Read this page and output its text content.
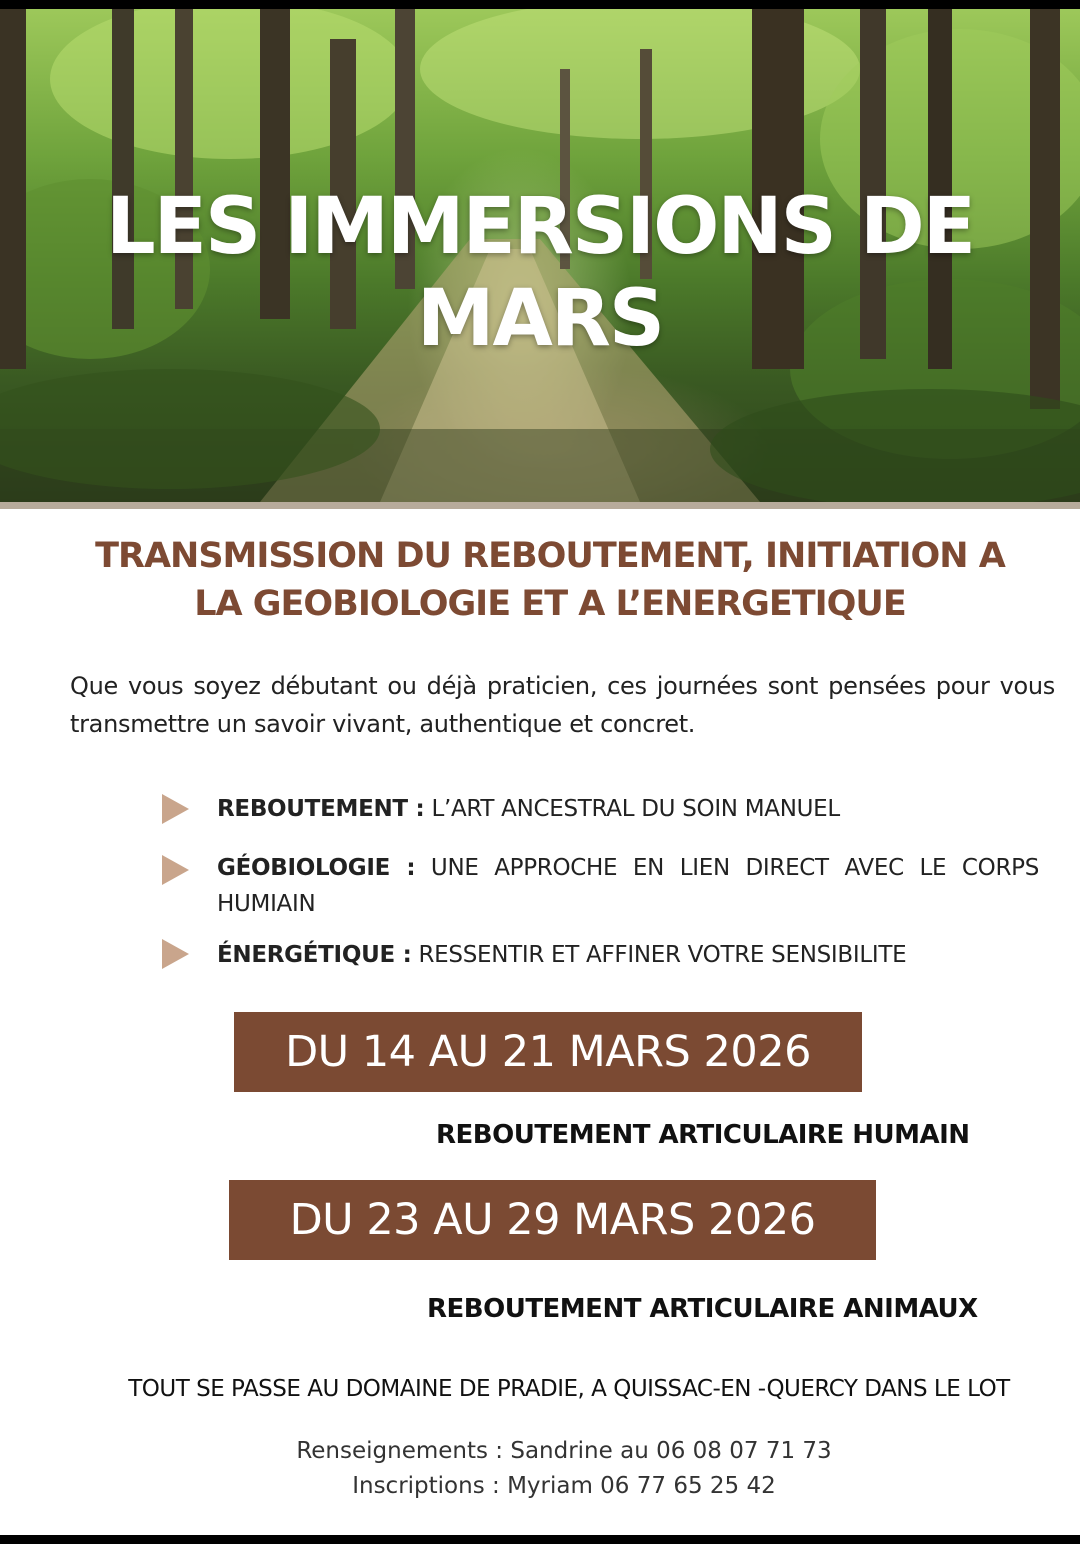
LES IMMERSIONS DE
MARS
TRANSMISSION DU REBOUTEMENT, INITIATION A
LA GEOBIOLOGIE ET A L’ENERGETIQUE
Que vous soyez débutant ou déjà praticien, ces journées sont pensées pour vous transmettre un savoir vivant, authentique et concret.
REBOUTEMENT : L’ART ANCESTRAL DU SOIN MANUEL
GÉOBIOLOGIE : UNE APPROCHE EN LIEN DIRECT AVEC LE CORPS HUMIAIN
ÉNERGÉTIQUE : RESSENTIR ET AFFINER VOTRE SENSIBILITE
DU 14 AU 21 MARS 2026
REBOUTEMENT ARTICULAIRE HUMAIN
DU 23 AU 29 MARS 2026
REBOUTEMENT ARTICULAIRE ANIMAUX
TOUT SE PASSE AU DOMAINE DE PRADIE, A QUISSAC-EN -QUERCY DANS LE LOT
Renseignements : Sandrine au 06 08 07 71 73
Inscriptions : Myriam 06 77 65 25 42
